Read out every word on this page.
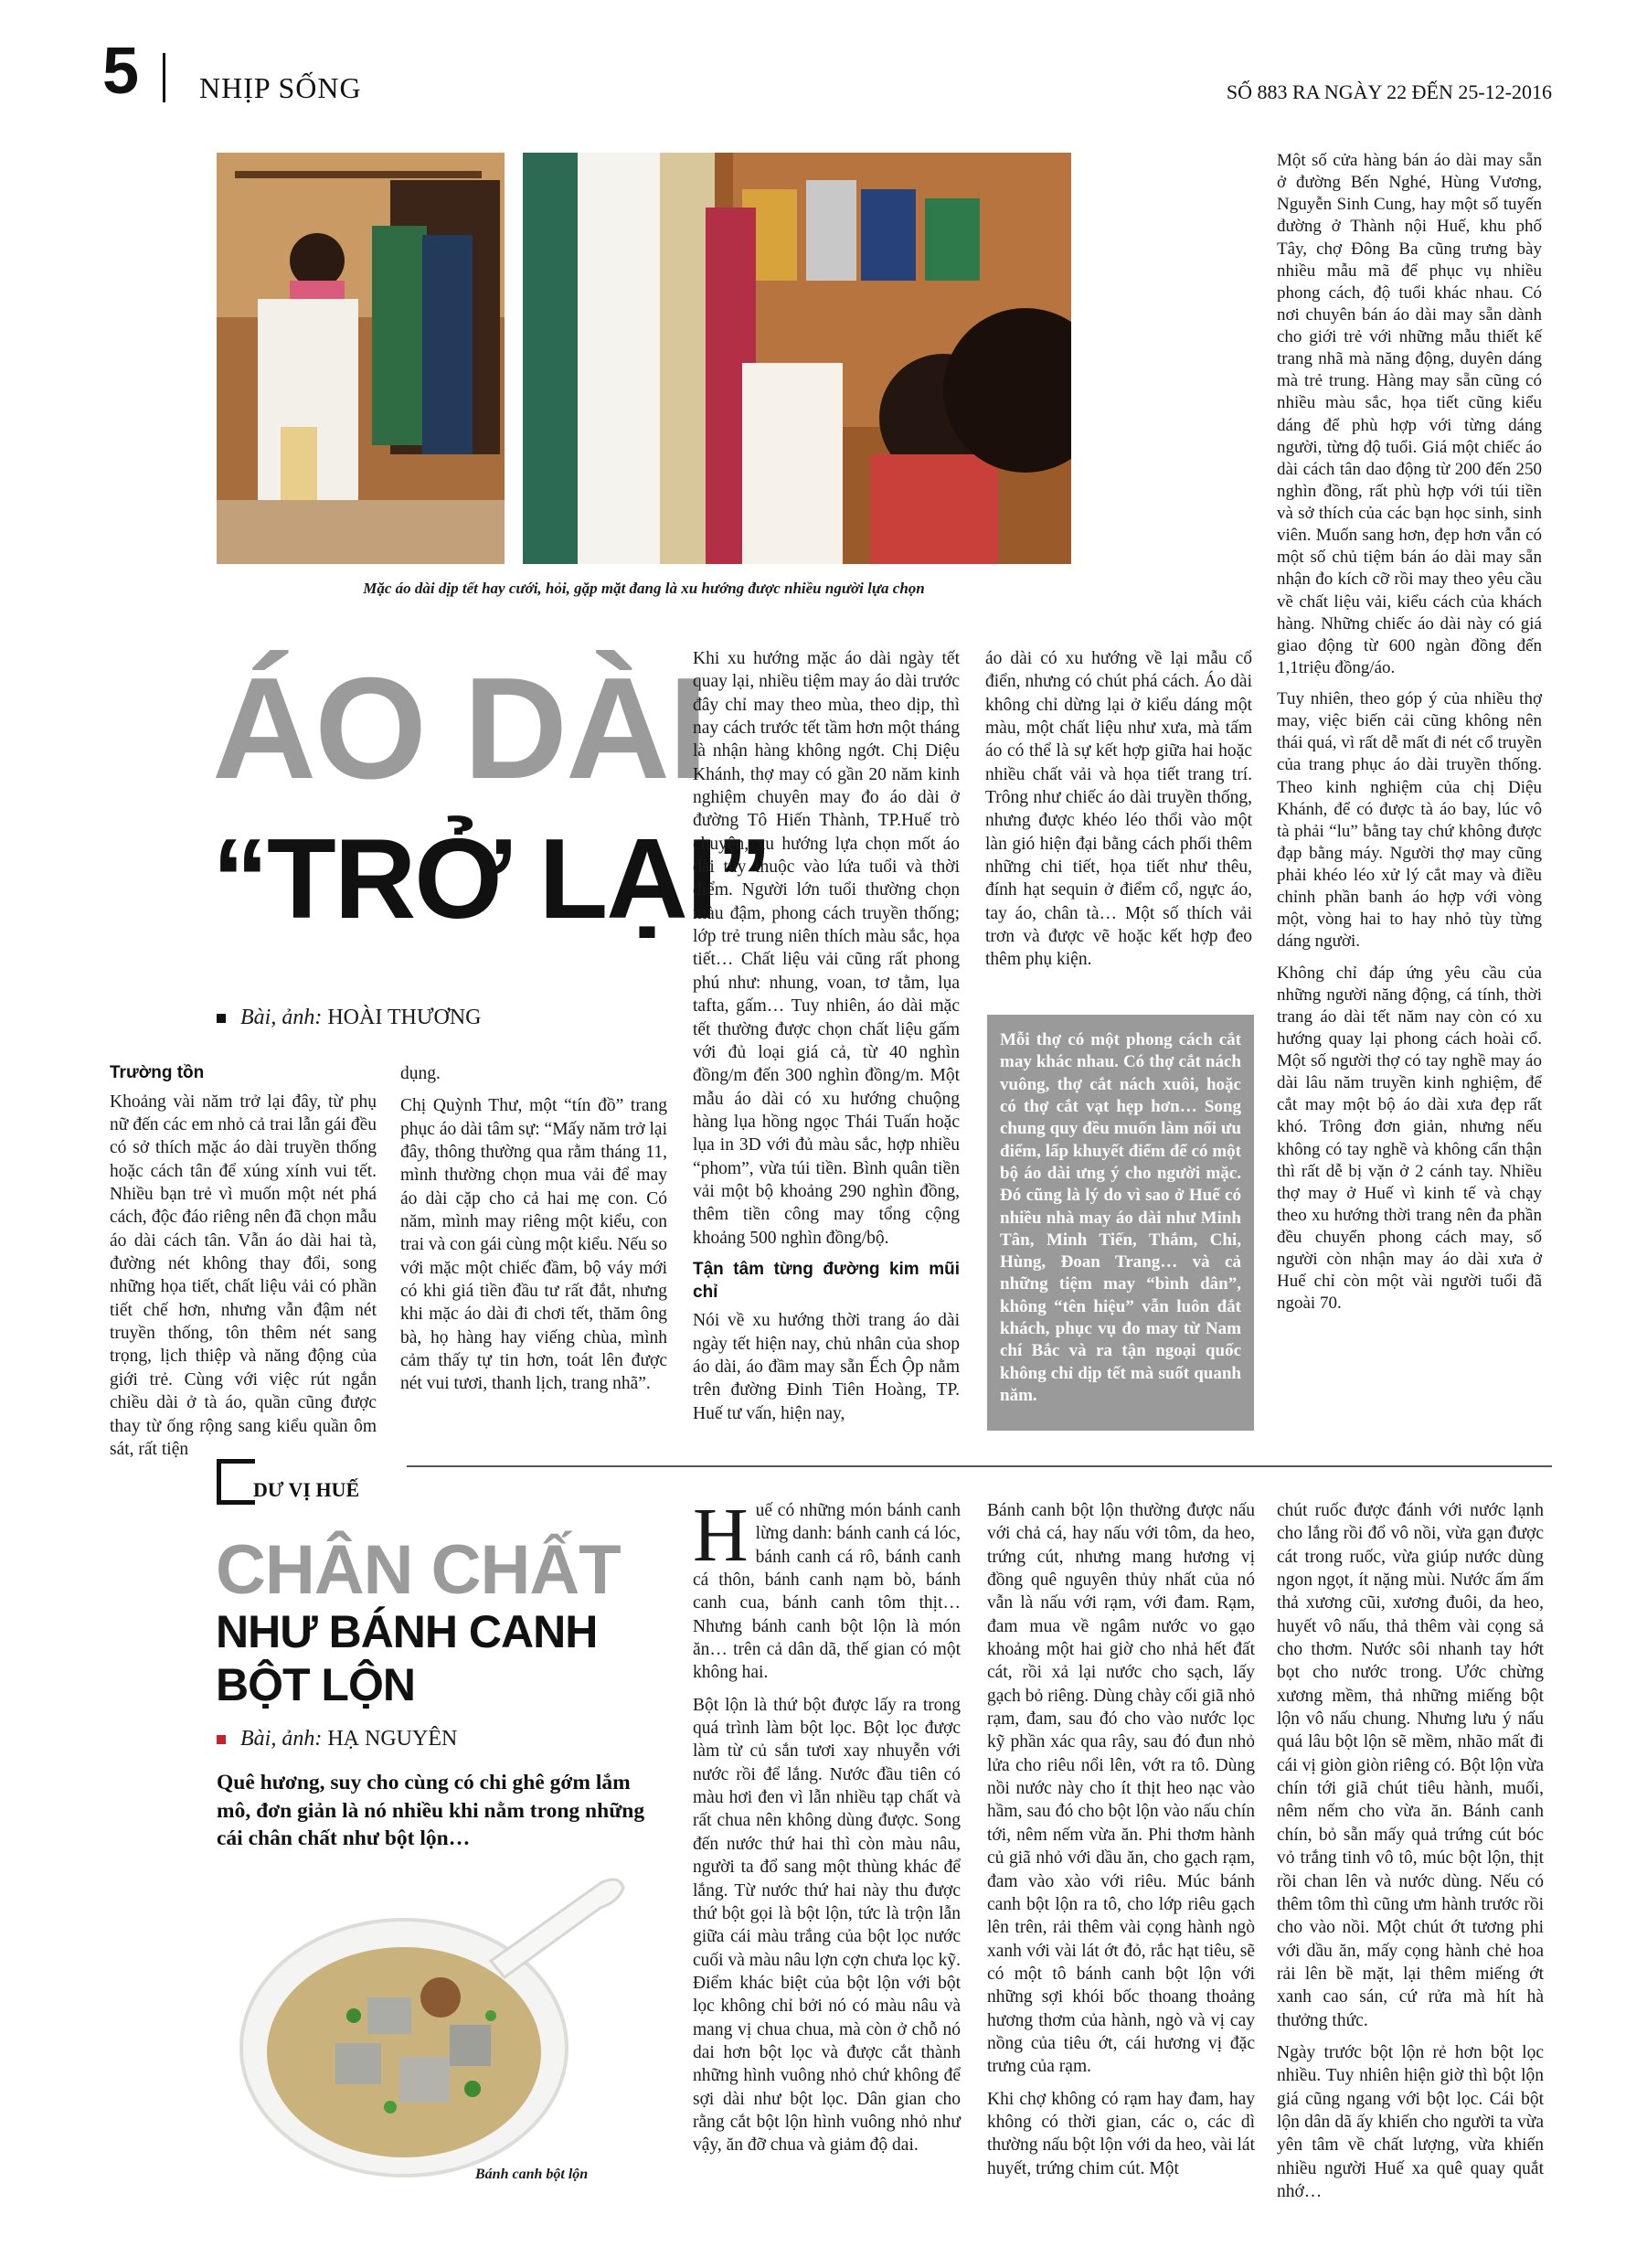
5 NHỊP SỐNG	SỐ 883 RA NGÀY 22 ĐẾN 25-12-2016
Mặc áo dài dịp tết hay cưới, hỏi, gặp mặt đang là xu hướng được nhiều người lựa chọn
ÁO DÀI
“TRỞ LẠI”
Bài, ảnh: HOÀI THƯƠNG
Trường tồn

Khoảng vài năm trở lại đây, từ phụ nữ đến các em nhỏ cả trai lẫn gái đều có sở thích mặc áo dài truyền thống hoặc cách tân để xúng xính vui tết. Nhiều bạn trẻ vì muốn một nét phá cách, độc đáo riêng nên đã chọn mẫu áo dài cách tân. Vẫn áo dài hai tà, đường nét không thay đổi, song những họa tiết, chất liệu vải có phần tiết chế hơn, nhưng vẫn đậm nét truyền thống, tôn thêm nét sang trọng, lịch thiệp và năng động của giới trẻ. Cùng với việc rút ngắn chiều dài ở tà áo, quần cũng được thay từ ống rộng sang kiểu quần ôm sát, rất tiện

dụng.

Chị Quỳnh Thư, một “tín đồ” trang phục áo dài tâm sự: “Mấy năm trở lại đây, thông thường qua rằm tháng 11, mình thường chọn mua vải để may áo dài cặp cho cả hai mẹ con. Có năm, mình may riêng một kiểu, con trai và con gái cùng một kiểu. Nếu so với mặc một chiếc đầm, bộ váy mới có khi giá tiền đầu tư rất đắt, nhưng khi mặc áo dài đi chơi tết, thăm ông bà, họ hàng hay viếng chùa, mình cảm thấy tự tin hơn, toát lên được nét vui tươi, thanh lịch, trang nhã”.

Khi xu hướng mặc áo dài ngày tết quay lại, nhiều tiệm may áo dài trước đây chỉ may theo mùa, theo dịp, thì nay cách trước tết tầm hơn một tháng là nhận hàng không ngớt. Chị Diệu Khánh, thợ may có gần 20 năm kinh nghiệm chuyên may đo áo dài ở đường Tô Hiến Thành, TP.Huế trò chuyện, xu hướng lựa chọn mốt áo dài tùy thuộc vào lứa tuổi và thời điểm. Người lớn tuổi thường chọn màu đậm, phong cách truyền thống; lớp trẻ trung niên thích màu sắc, họa tiết… Chất liệu vải cũng rất phong phú như: nhung, voan, tơ tằm, lụa tafta, gấm… Tuy nhiên, áo dài mặc tết thường được chọn chất liệu gấm với đủ loại giá cả, từ 40 nghìn đồng/m đến 300 nghìn đồng/m. Một mẫu áo dài có xu hướng chuộng hàng lụa hồng ngọc Thái Tuấn hoặc lụa in 3D với đủ màu sắc, hợp nhiều “phom”, vừa túi tiền. Bình quân tiền vải một bộ khoảng 290 nghìn đồng, thêm tiền công may tổng cộng khoảng 500 nghìn đồng/bộ.

Tận tâm từng đường kim mũi chỉ

Nói về xu hướng thời trang áo dài ngày tết hiện nay, chủ nhân của shop áo dài, áo đầm may sẵn Ếch Ộp nằm trên đường Đinh Tiên Hoàng, TP. Huế tư vấn, hiện nay,

áo dài có xu hướng về lại mẫu cổ điển, nhưng có chút phá cách. Áo dài không chỉ dừng lại ở kiểu dáng một màu, một chất liệu như xưa, mà tấm áo có thể là sự kết hợp giữa hai hoặc nhiều chất vải và họa tiết trang trí. Trông như chiếc áo dài truyền thống, nhưng được khéo léo thổi vào một làn gió hiện đại bằng cách phối thêm những chi tiết, họa tiết như thêu, đính hạt sequin ở điểm cổ, ngực áo, tay áo, chân tà… Một số thích vải trơn và được vẽ hoặc kết hợp đeo thêm phụ kiện.

Mỗi thợ có một phong cách cắt may khác nhau. Có thợ cắt nách vuông, thợ cắt nách xuôi, hoặc có thợ cắt vạt hẹp hơn… Song chung quy đều muốn làm nổi ưu điểm, lấp khuyết điểm để có một bộ áo dài ưng ý cho người mặc. Đó cũng là lý do vì sao ở Huế có nhiều nhà may áo dài như Minh Tân, Minh Tiến, Thắm, Chi, Hùng, Đoan Trang… và cả những tiệm may “bình dân”, không “tên hiệu” vẫn luôn đắt khách, phục vụ đo may từ Nam chí Bắc và ra tận ngoại quốc không chỉ dịp tết mà suốt quanh năm.

Một số cửa hàng bán áo dài may sẵn ở đường Bến Nghé, Hùng Vương, Nguyễn Sinh Cung, hay một số tuyến đường ở Thành nội Huế, khu phố Tây, chợ Đông Ba cũng trưng bày nhiều mẫu mã để phục vụ nhiều phong cách, độ tuổi khác nhau. Có nơi chuyên bán áo dài may sẵn dành cho giới trẻ với những mẫu thiết kế trang nhã mà năng động, duyên dáng mà trẻ trung. Hàng may sẵn cũng có nhiều màu sắc, họa tiết cũng kiểu dáng để phù hợp với từng dáng người, từng độ tuổi. Giá một chiếc áo dài cách tân dao động từ 200 đến 250 nghìn đồng, rất phù hợp với túi tiền và sở thích của các bạn học sinh, sinh viên. Muốn sang hơn, đẹp hơn vẫn có một số chủ tiệm bán áo dài may sẵn nhận đo kích cỡ rồi may theo yêu cầu về chất liệu vải, kiểu cách của khách hàng. Những chiếc áo dài này có giá giao động từ 600 ngàn đồng đến 1,1triệu đồng/áo.

Tuy nhiên, theo góp ý của nhiều thợ may, việc biến cải cũng không nên thái quá, vì rất dễ mất đi nét cổ truyền của trang phục áo dài truyền thống. Theo kinh nghiệm của chị Diệu Khánh, để có được tà áo bay, lúc vô tà phải “lu” bằng tay chứ không được đạp bằng máy. Người thợ may cũng phải khéo léo xử lý cắt may và điều chỉnh phần banh áo hợp với vòng một, vòng hai to hay nhỏ tùy từng dáng người.

Không chỉ đáp ứng yêu cầu của những người năng động, cá tính, thời trang áo dài tết năm nay còn có xu hướng quay lại phong cách hoài cổ. Một số người thợ có tay nghề may áo dài lâu năm truyền kinh nghiệm, để cắt may một bộ áo dài xưa đẹp rất khó. Trông đơn giản, nhưng nếu không có tay nghề và không cẩn thận thì rất dễ bị vặn ở 2 cánh tay. Nhiều thợ may ở Huế vì kinh tế và chạy theo xu hướng thời trang nên đa phần đều chuyển phong cách may, số người còn nhận may áo dài xưa ở Huế chỉ còn một vài người tuổi đã ngoài 70.

DƯ VỊ HUẾ
CHÂN CHẤT
NHƯ BÁNH CANH
BỘT LỘN
Bài, ảnh: HẠ NGUYÊN
Quê hương, suy cho cùng có chi ghê gớm lắm mô, đơn giản là nó nhiều khi nằm trong những cái chân chất như bột lộn…
Bánh canh bột lộn

Huế có những món bánh canh lừng danh: bánh canh cá lóc, bánh canh cá rô, bánh canh cá thôn, bánh canh nạm bò, bánh canh cua, bánh canh tôm thịt… Nhưng bánh canh bột lộn là món ăn… trên cả dân dã, thế gian có một không hai.

Bột lộn là thứ bột được lấy ra trong quá trình làm bột lọc. Bột lọc được làm từ củ sắn tươi xay nhuyễn với nước rồi để lắng. Nước đầu tiên có màu hơi đen vì lẫn nhiều tạp chất và rất chua nên không dùng được. Song đến nước thứ hai thì còn màu nâu, người ta đổ sang một thùng khác để lắng. Từ nước thứ hai này thu được thứ bột gọi là bột lộn, tức là trộn lẫn giữa cái màu trắng của bột lọc nước cuối và màu nâu lợn cợn chưa lọc kỹ. Điểm khác biệt của bột lộn với bột lọc không chỉ bởi nó có màu nâu và mang vị chua chua, mà còn ở chỗ nó dai hơn bột lọc và được cắt thành những hình vuông nhỏ chứ không để sợi dài như bột lọc. Dân gian cho rằng cắt bột lộn hình vuông nhỏ như vậy, ăn đỡ chua và giảm độ dai.

Bánh canh bột lộn thường được nấu với chả cá, hay nấu với tôm, da heo, trứng cút, nhưng mang hương vị đồng quê nguyên thủy nhất của nó vẫn là nấu với rạm, với đam. Rạm, đam mua về ngâm nước vo gạo khoảng một hai giờ cho nhả hết đất cát, rồi xả lại nước cho sạch, lấy gạch bỏ riêng. Dùng chày cối giã nhỏ rạm, đam, sau đó cho vào nước lọc kỹ phần xác qua rây, sau đó đun nhỏ lửa cho riêu nổi lên, vớt ra tô. Dùng nồi nước này cho ít thịt heo nạc vào hầm, sau đó cho bột lộn vào nấu chín tới, nêm nếm vừa ăn. Phi thơm hành củ giã nhỏ với dầu ăn, cho gạch rạm, đam vào xào với riêu. Múc bánh canh bột lộn ra tô, cho lớp riêu gạch lên trên, rải thêm vài cọng hành ngò xanh với vài lát ớt đỏ, rắc hạt tiêu, sẽ có một tô bánh canh bột lộn với những sợi khói bốc thoang thoảng hương thơm của hành, ngò và vị cay nồng của tiêu ớt, cái hương vị đặc trưng của rạm.

Khi chợ không có rạm hay đam, hay không có thời gian, các o, các dì thường nấu bột lộn với da heo, vài lát huyết, trứng chim cút. Một

chút ruốc được đánh với nước lạnh cho lắng rồi đổ vô nồi, vừa gạn được cát trong ruốc, vừa giúp nước dùng ngon ngọt, ít nặng mùi. Nước ấm ấm thả xương cũi, xương đuôi, da heo, huyết vô nấu, thả thêm vài cọng sả cho thơm. Nước sôi nhanh tay hớt bọt cho nước trong. Ước chừng xương mềm, thả những miếng bột lộn vô nấu chung. Nhưng lưu ý nấu quá lâu bột lộn sẽ mềm, nhão mất đi cái vị giòn giòn riêng có. Bột lộn vừa chín tới giã chút tiêu hành, muối, nêm nếm cho vừa ăn. Bánh canh chín, bỏ sẵn mấy quả trứng cút bóc vỏ trắng tinh vô tô, múc bột lộn, thịt rồi chan lên và nước dùng. Nếu có thêm tôm thì cũng ưm hành trước rồi cho vào nồi. Một chút ớt tương phi với dầu ăn, mấy cọng hành chẻ hoa rải lên bề mặt, lại thêm miếng ớt xanh cao sán, cứ rửa mà hít hà thưởng thức.

Ngày trước bột lộn rẻ hơn bột lọc nhiều. Tuy nhiên hiện giờ thì bột lộn giá cũng ngang với bột lọc. Cái bột lộn dân dã ấy khiến cho người ta vừa yên tâm về chất lượng, vừa khiến nhiều người Huế xa quê quay quắt nhớ…
